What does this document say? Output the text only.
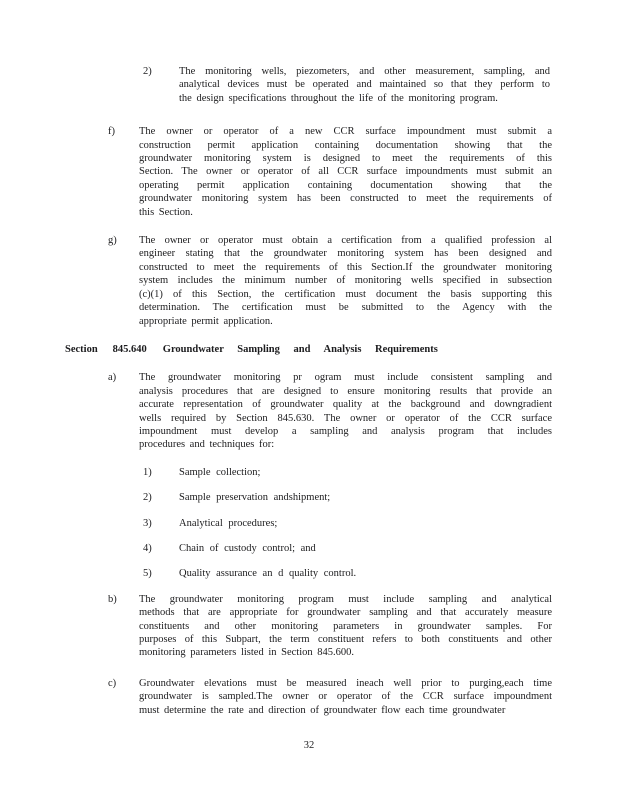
2)	The monitoring wells, piezometers, and other measurement, sampling, and
analytical devices must be operated and maintained so that they perform to
the design specifications throughout the life of the monitoring program.
f)	The owner or operator of a new CCR surface impoundment must submit a
construction permit application containing documentation showing that the
groundwater monitoring system is designed to meet the requirements of this
Section. The owner or operator of all CCR surface impoundments must submit an
operating permit application containing documentation showing that the
groundwater monitoring system has been constructed to meet the requirements of
this Section.
g)	The owner or operator must obtain a certification from a qualified profession al
engineer stating that the groundwater monitoring system has been designed and
constructed to meet the requirements of this Section.If the groundwater monitoring
system includes the minimum number of monitoring wells specified in subsection
(c)(1) of this Section, the certification must document the basis supporting this
determination. The certification must be submitted to the Agency with the
appropriate permit application.
Section 845.640 Groundwater Sampling and Analysis Requirements
a)	The groundwater monitoring pr ogram must include consistent sampling and
analysis procedures that are designed to ensure monitoring results that provide an
accurate representation of groundwater quality at the background and downgradient
wells required by Section 845.630. The owner or operator of the CCR surface
impoundment must develop a sampling and analysis program that includes
procedures and techniques for:
1)	Sample collection;
2)	Sample preservation andshipment;
3)	Analytical procedures;
4)	Chain of custody control; and
5)	Quality assurance an d quality control.
b)	The groundwater monitoring program must include sampling and analytical
methods that are appropriate for groundwater sampling and that accurately measure
constituents and other monitoring parameters in groundwater samples. For
purposes of this Subpart, the term constituent refers to both constituents and other
monitoring parameters listed in Section 845.600.
c)	Groundwater elevations must be measured ineach well prior to purging,each time
groundwater is sampled.The owner or operator of the CCR surface impoundment
must determine the rate and direction of groundwater flow each time groundwater
32
